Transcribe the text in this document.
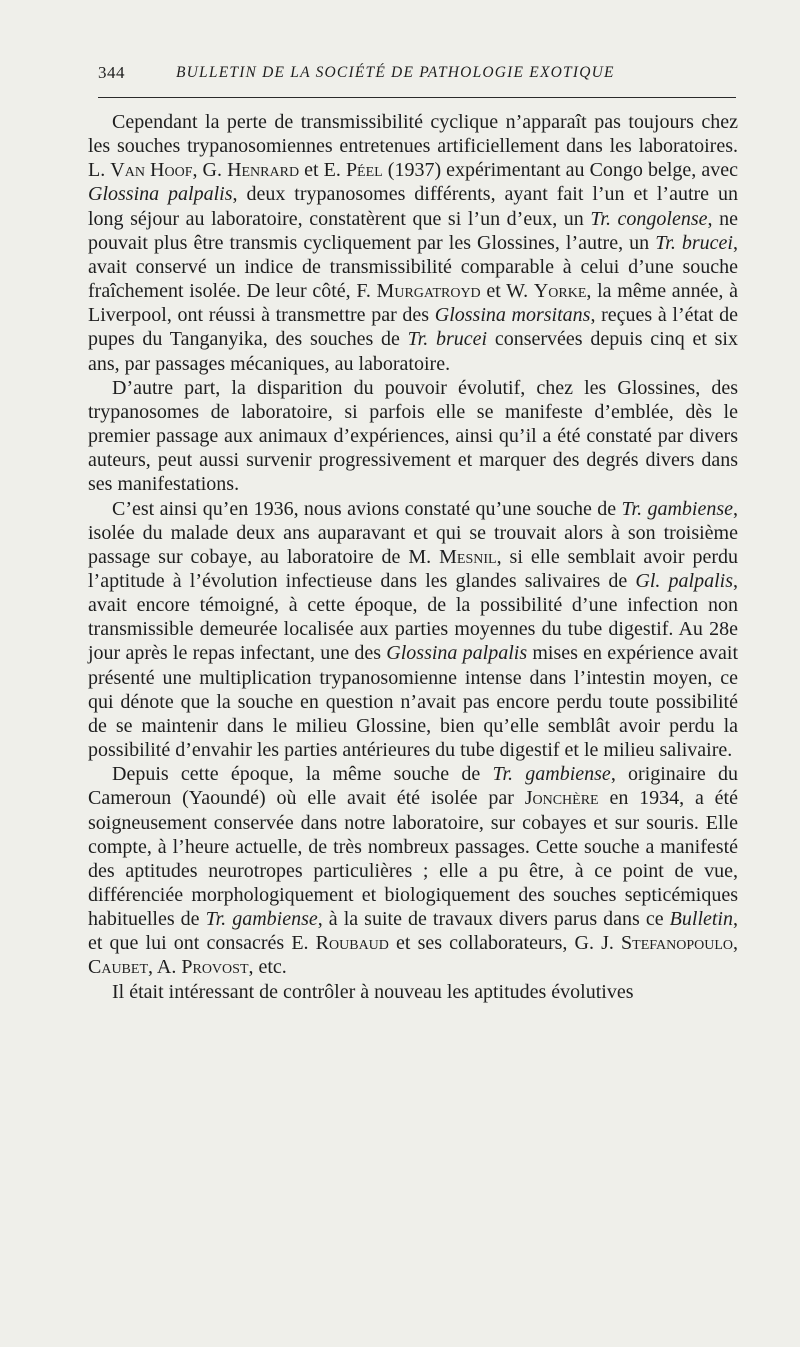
344	BULLETIN DE LA SOCIÉTÉ DE PATHOLOGIE EXOTIQUE

Cependant la perte de transmissibilité cyclique n’apparaît pas toujours chez les souches trypanosomiennes entretenues artificiellement dans les laboratoires. L. Van Hoof, G. Henrard et E. Péel (1937) expérimentant au Congo belge, avec Glossina palpalis, deux trypanosomes différents, ayant fait l’un et l’autre un long séjour au laboratoire, constatèrent que si l’un d’eux, un Tr. congolense, ne pouvait plus être transmis cycliquement par les Glossines, l’autre, un Tr. brucei, avait conservé un indice de transmissibilité comparable à celui d’une souche fraîchement isolée. De leur côté, F. Murgatroyd et W. Yorke, la même année, à Liverpool, ont réussi à transmettre par des Glossina morsitans, reçues à l’état de pupes du Tanganyika, des souches de Tr. brucei conservées depuis cinq et six ans, par passages mécaniques, au laboratoire.

D’autre part, la disparition du pouvoir évolutif, chez les Glossines, des trypanosomes de laboratoire, si parfois elle se manifeste d’emblée, dès le premier passage aux animaux d’expériences, ainsi qu’il a été constaté par divers auteurs, peut aussi survenir progressivement et marquer des degrés divers dans ses manifestations.

C’est ainsi qu’en 1936, nous avions constaté qu’une souche de Tr. gambiense, isolée du malade deux ans auparavant et qui se trouvait alors à son troisième passage sur cobaye, au laboratoire de M. Mesnil, si elle semblait avoir perdu l’aptitude à l’évolution infectieuse dans les glandes salivaires de Gl. palpalis, avait encore témoigné, à cette époque, de la possibilité d’une infection non transmissible demeurée localisée aux parties moyennes du tube digestif. Au 28e jour après le repas infectant, une des Glossina palpalis mises en expérience avait présenté une multiplication trypanosomienne intense dans l’intestin moyen, ce qui dénote que la souche en question n’avait pas encore perdu toute possibilité de se maintenir dans le milieu Glossine, bien qu’elle semblât avoir perdu la possibilité d’envahir les parties antérieures du tube digestif et le milieu salivaire.

Depuis cette époque, la même souche de Tr. gambiense, originaire du Cameroun (Yaoundé) où elle avait été isolée par Jonchère en 1934, a été soigneusement conservée dans notre laboratoire, sur cobayes et sur souris. Elle compte, à l’heure actuelle, de très nombreux passages. Cette souche a manifesté des aptitudes neurotropes particulières ; elle a pu être, à ce point de vue, différenciée morphologiquement et biologiquement des souches septicémiques habituelles de Tr. gambiense, à la suite de travaux divers parus dans ce Bulletin, et que lui ont consacrés E. Roubaud et ses collaborateurs, G. J. Stefanopoulo, Caubet, A. Provost, etc.

Il était intéressant de contrôler à nouveau les aptitudes évolutives
